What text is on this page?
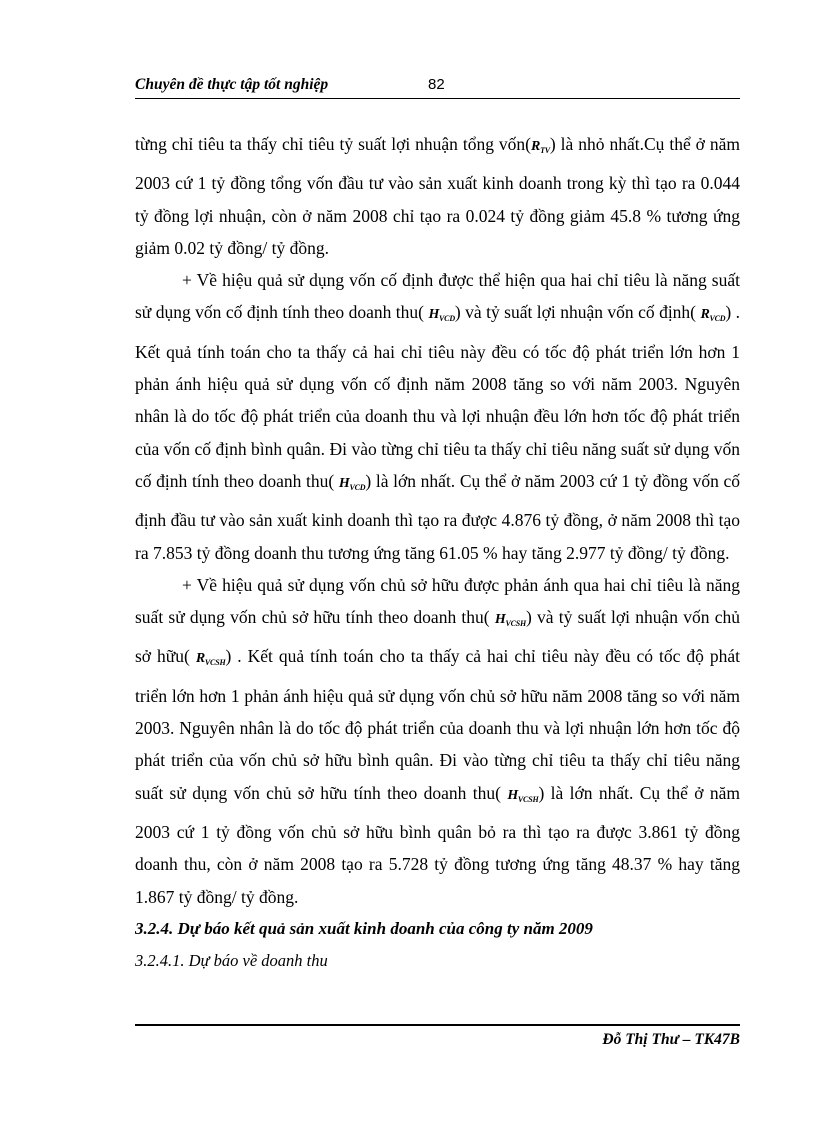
Chuyên đề thực tập tốt nghiệp	82

từng chỉ tiêu ta thấy chỉ tiêu tỷ suất lợi nhuận tổng $vốn(R_{TV})$ là nhỏ nhất.Cụ thể ở năm 2003 cứ 1 tỷ đồng tổng vốn đầu tư vào sản xuất kinh doanh trong kỳ thì tạo ra 0.044 tỷ đồng lợi nhuận, còn ở năm 2008 chỉ tạo ra 0.024 tỷ đồng giảm 45.8 % tương ứng giảm 0.02 tỷ đồng/ tỷ đồng.

+ Về hiệu quả sử dụng vốn cố định được thể hiện qua hai chỉ tiêu là năng suất sử dụng vốn cố định tính theo doanh thu( $H_{VCD}$) và tỷ suất lợi nhuận vốn cố định( $R_{VCD}$) . Kết quả tính toán cho ta thấy cả hai chỉ tiêu này đều có tốc độ phát triển lớn hơn 1 phản ánh hiệu quả sử dụng vốn cố định năm 2008 tăng so với năm 2003. Nguyên nhân là do tốc độ phát triển của doanh thu và lợi nhuận đều lớn hơn tốc độ phát triển của vốn cố định bình quân. Đi vào từng chỉ tiêu ta thấy chỉ tiêu năng suất sử dụng vốn cố định tính theo doanh thu( $H_{VCD}$) là lớn nhất. Cụ thể ở năm 2003 cứ 1 tỷ đồng vốn cố định đầu tư vào sản xuất kinh doanh thì tạo ra được 4.876 tỷ đồng, ở năm 2008 thì tạo ra 7.853 tỷ đồng doanh thu tương ứng tăng 61.05 % hay tăng 2.977 tỷ đồng/ tỷ đồng.

+ Về hiệu quả sử dụng vốn chủ sở hữu được phản ánh qua hai chỉ tiêu là năng suất sử dụng vốn chủ sở hữu tính theo doanh thu( $H_{VCSH}$) và tỷ suất lợi nhuận vốn chủ sở hữu( $R_{VCSH}$) . Kết quả tính toán cho ta thấy cả hai chỉ tiêu này đều có tốc độ phát triển lớn hơn 1 phản ánh hiệu quả sử dụng vốn chủ sở hữu năm 2008 tăng so với năm 2003. Nguyên nhân là do tốc độ phát triển của doanh thu và lợi nhuận lớn hơn tốc độ phát triển của vốn chủ sở hữu bình quân. Đi vào từng chỉ tiêu ta thấy chỉ tiêu năng suất sử dụng vốn chủ sở hữu tính theo doanh thu( $H_{VCSH}$) là lớn nhất. Cụ thể ở năm 2003 cứ 1 tỷ đồng vốn chủ sở hữu bình quân bỏ ra thì tạo ra được 3.861 tỷ đồng doanh thu, còn ở năm 2008 tạo ra 5.728 tỷ đồng tương ứng tăng 48.37 % hay tăng 1.867 tỷ đồng/ tỷ đồng.

3.2.4. Dự báo kết quả sản xuất kinh doanh của công ty năm 2009

3.2.4.1. Dự báo về doanh thu

Đỗ Thị Thư – TK47B
